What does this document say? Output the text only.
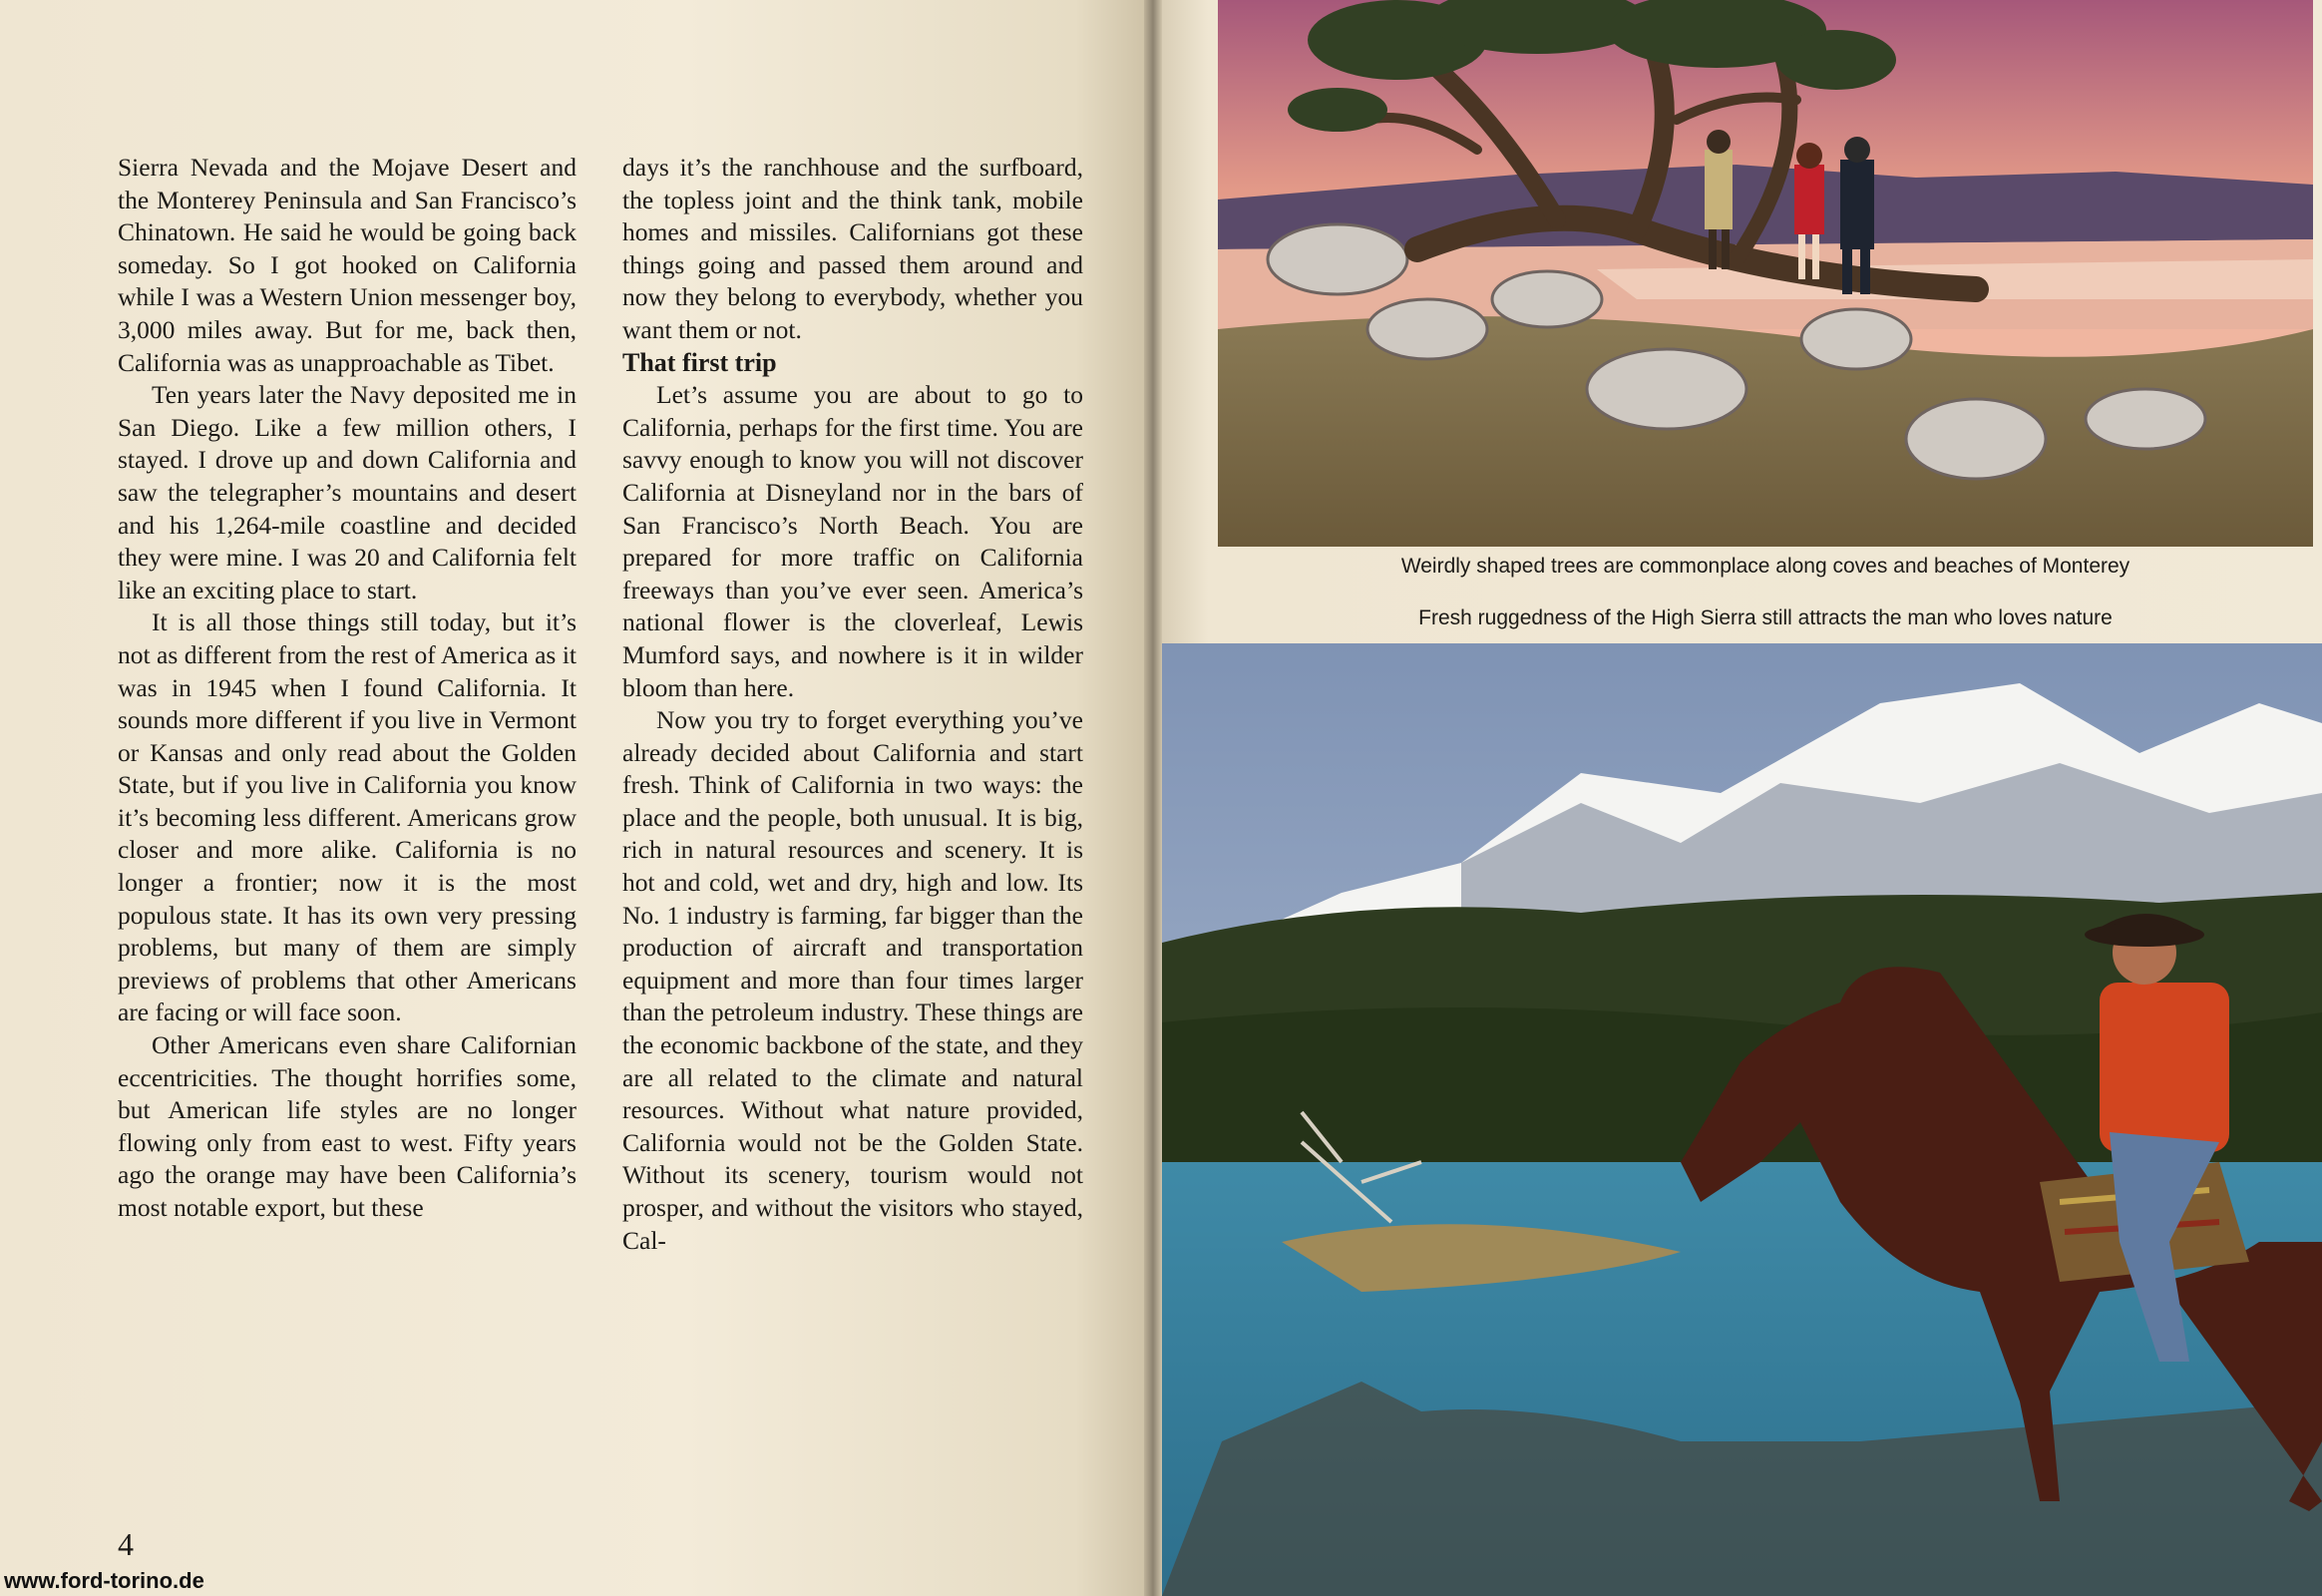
Sierra Nevada and the Mojave Desert and the Monterey Peninsula and San Francisco’s Chinatown. He said he would be going back someday. So I got hooked on California while I was a Western Union messenger boy, 3,000 miles away. But for me, back then, California was as unapproachable as Tibet.

Ten years later the Navy deposited me in San Diego. Like a few million others, I stayed. I drove up and down California and saw the telegrapher’s mountains and desert and his 1,264-mile coastline and decided they were mine. I was 20 and California felt like an exciting place to start.

It is all those things still today, but it’s not as different from the rest of America as it was in 1945 when I found California. It sounds more different if you live in Vermont or Kansas and only read about the Golden State, but if you live in California you know it’s becoming less different. Americans grow closer and more alike. California is no longer a frontier; now it is the most populous state. It has its own very pressing problems, but many of them are simply previews of problems that other Americans are facing or will face soon.

Other Americans even share Californian eccentricities. The thought horrifies some, but American life styles are no longer flowing only from east to west. Fifty years ago the orange may have been California’s most notable export, but these

days it’s the ranchhouse and the surfboard, the topless joint and the think tank, mobile homes and missiles. Californians got these things going and passed them around and now they belong to everybody, whether you want them or not.

That first trip

Let’s assume you are about to go to California, perhaps for the first time. You are savvy enough to know you will not discover California at Disneyland nor in the bars of San Francisco’s North Beach. You are prepared for more traffic on California freeways than you’ve ever seen. America’s national flower is the cloverleaf, Lewis Mumford says, and nowhere is it in wilder bloom than here.

Now you try to forget everything you’ve already decided about California and start fresh. Think of California in two ways: the place and the people, both unusual. It is big, rich in natural resources and scenery. It is hot and cold, wet and dry, high and low. Its No. 1 industry is farming, far bigger than the production of aircraft and transportation equipment and more than four times larger than the petroleum industry. These things are the economic backbone of the state, and they are all related to the climate and natural resources. Without what nature provided, California would not be the Golden State. Without its scenery, tourism would not prosper, and without the visitors who stayed, Cal-

4
www.ford-torino.de
Weirdly shaped trees are commonplace along coves and beaches of Monterey
Fresh ruggedness of the High Sierra still attracts the man who loves nature
